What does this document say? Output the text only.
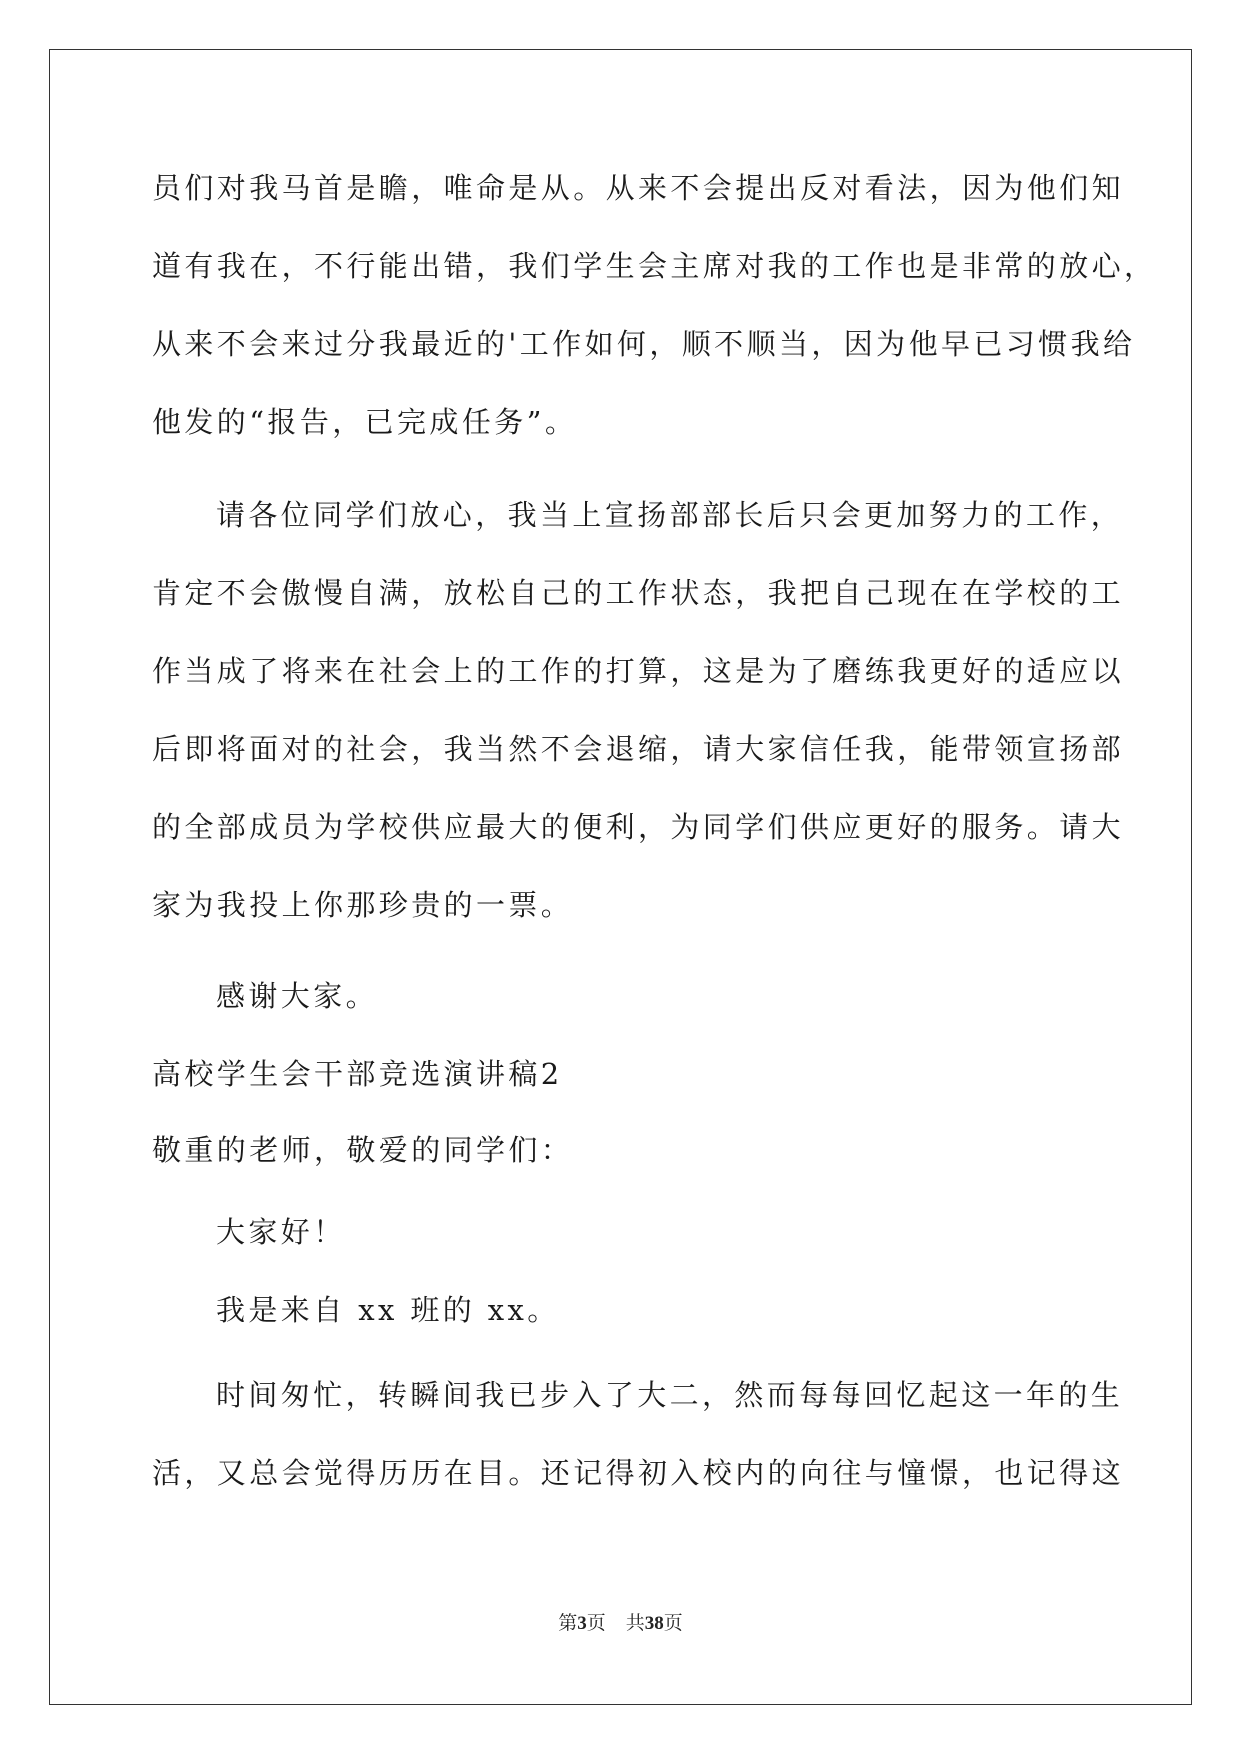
员们对我马首是瞻，唯命是从。从来不会提出反对看法，因为他们知
道有我在，不行能出错，我们学生会主席对我的工作也是非常的放心，
从来不会来过分我最近的'工作如何，顺不顺当，因为他早已习惯我给
他发的“报告，已完成任务”。
请各位同学们放心，我当上宣扬部部长后只会更加努力的工作，
肯定不会傲慢自满，放松自己的工作状态，我把自己现在在学校的工
作当成了将来在社会上的工作的打算，这是为了磨练我更好的适应以
后即将面对的社会，我当然不会退缩，请大家信任我，能带领宣扬部
的全部成员为学校供应最大的便利，为同学们供应更好的服务。请大
家为我投上你那珍贵的一票。
感谢大家。
高校学生会干部竞选演讲稿2
敬重的老师，敬爱的同学们：
大家好！
我是来自 xx 班的 xx。
时间匆忙，转瞬间我已步入了大二，然而每每回忆起这一年的生
活，又总会觉得历历在目。还记得初入校内的向往与憧憬，也记得这
第3页 共38页
